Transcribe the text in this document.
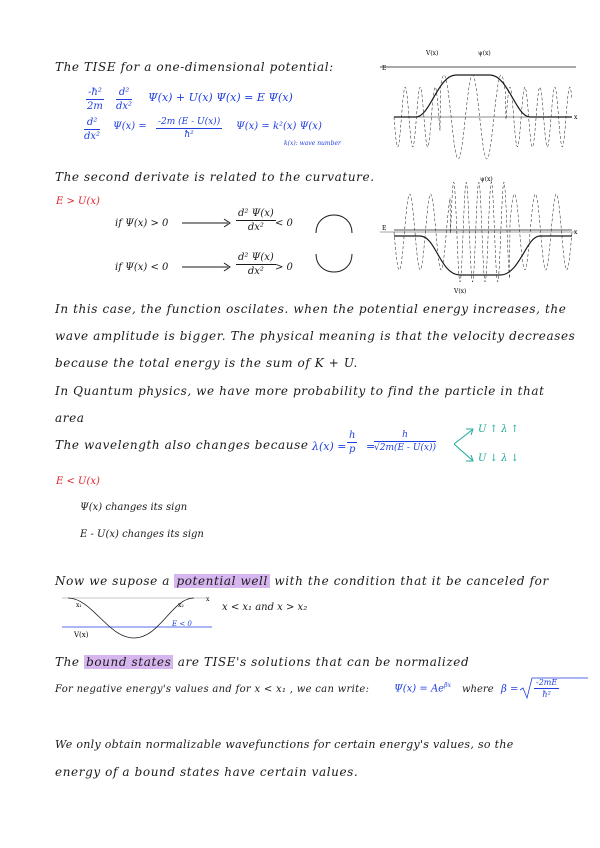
The TISE for a one-dimensional potential:
$\frac{\text{-ħ²}}{2m} \frac{\text{d²}}{\text{dx²}} \Psi(x) + U(x) \Psi(x) = E$ Ψ(x)
$\frac{\text{d²}}{\text{dx²}} \Psi(x) = \frac{-2m (E - U(x))}{\text{ħ²}} \Psi(x) = k^2(x)$ Ψ(x)
k(x): wave number
The second derivate is related to the curvature.
E > U(x)
if Ψ(x) > 0	$\frac{\text{d² Ψ(x)}}{\text{dx²}} < 0$
if Ψ(x) < 0	$\frac{\text{d² Ψ(x)}}{\text{dx²}} > 0$
V(x)	ψ(x)
E
x
ψ(x)
E
V(x)
x
In this case, the function oscilates. when the potential energy increases, the
wave amplitude is bigger. The physical meaning is that the velocity decreases
because the total energy is the sum of K + U.
In Quantum physics, we have more probability to find the particle in that
area
The wavelength also changes because $\lambda(x) = \frac{h}{p}$ =
$\frac{h}{√2m(E - U(x))}$
U ↑ λ ↑
U ↓ λ ↓
E < U(x)
Ψ(x) changes its sign
E - U(x) changes its sign
Now we supose a potential well with the condition that it be canceled for
x₁	x₂
x
V(x)
E < 0
x < x₁ and x > x₂
The bound states are TISE's solutions that can be normalized
For negative energy's values and for x < x₁ , we can write: $\Psi(x) = Ae^{\beta x}$ where $\beta = \frac{-2mE}{\text{ħ²}}$
We only obtain normalizable wavefunctions for certain energy's values, so the
energy of a bound states have certain values.
